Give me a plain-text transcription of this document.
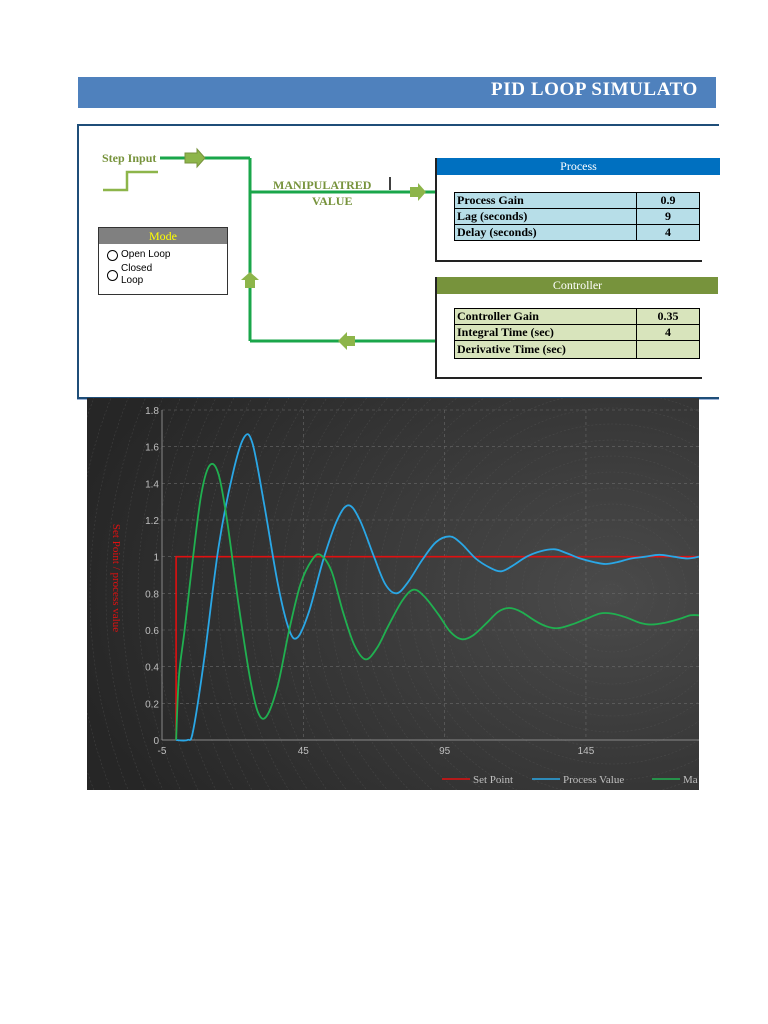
PID LOOP SIMULATO
Step Input
MANIPULATRED
VALUE
Mode
Open Loop
Closed
Loop
Process
Process Gain	0.9
Lag (seconds)	9
Delay (seconds)	4
Controller
Controller Gain	0.35
Integral Time (sec)	4
Derivative Time (sec)	
0
0.2
0.4
0.6
0.8
1
1.2
1.4
1.6
1.8
-5	45	95	145
Set Point	Process Value	Ma
Set Point / process value
